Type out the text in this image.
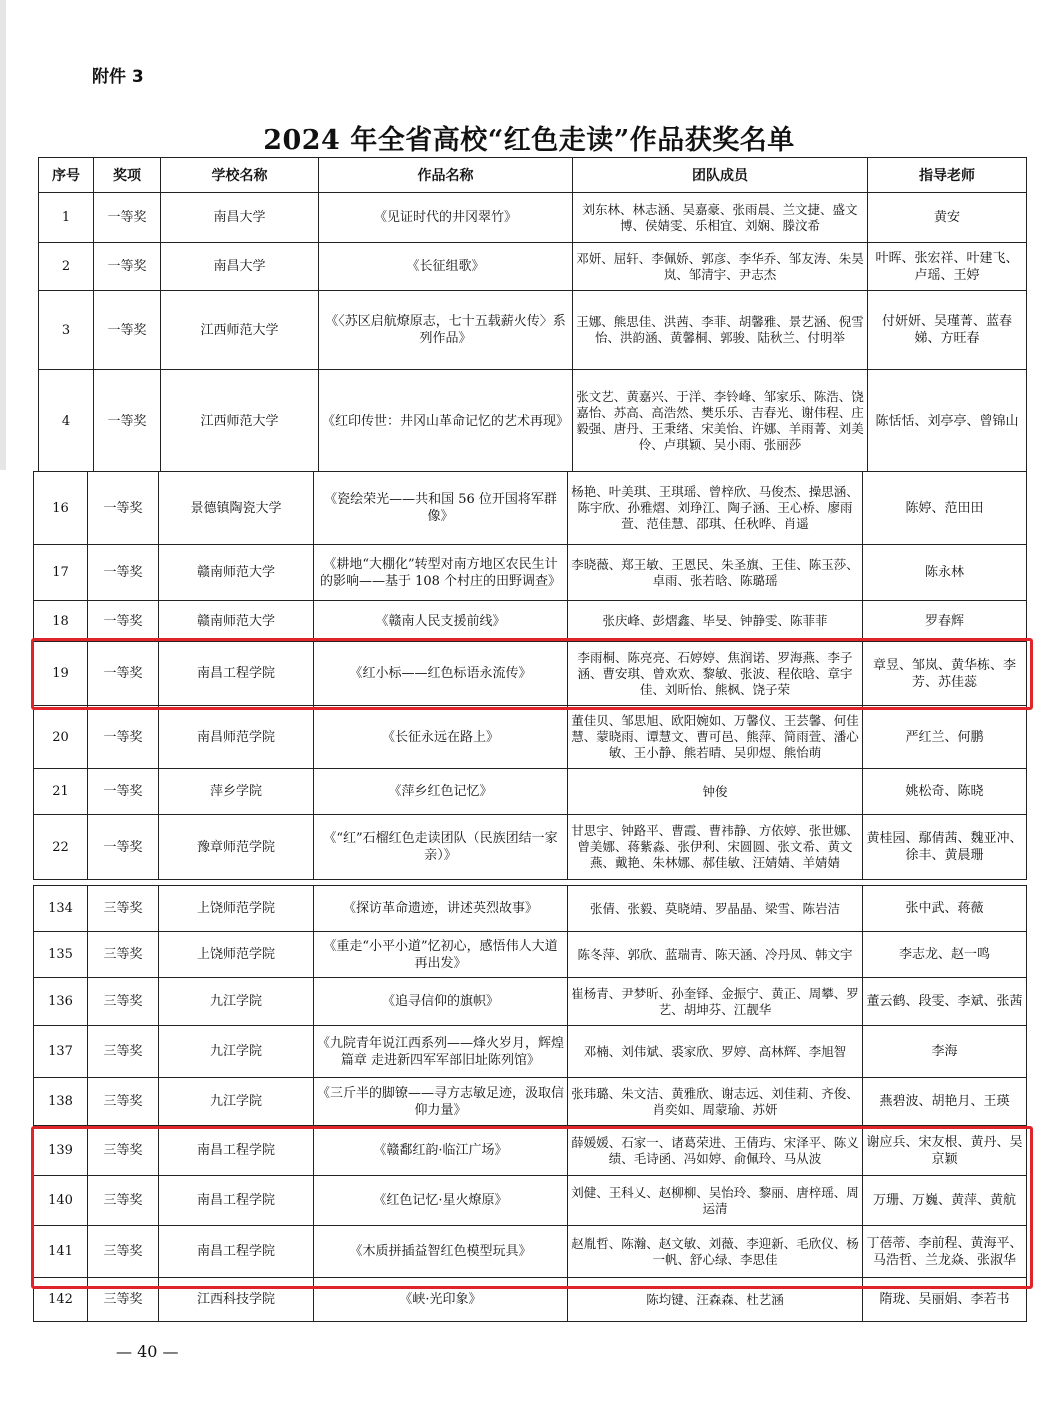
附件 3
2024 年全省高校“红色走读”作品获奖名单
序号	奖项	学校名称	作品名称	团队成员	指导老师
1	一等奖	南昌大学	《见证时代的井冈翠竹》	刘东林、林志涵、吴嘉豪、张雨晨、兰文捷、盛文博、侯婧雯、乐相宜、刘娴、滕汶希	黄安
2	一等奖	南昌大学	《长征组歌》	邓妍、屈轩、李佩娇、郭彦、李华乔、邹友涛、朱昊岚、邹清宇、尹志杰	叶晖、张宏祥、叶建飞、卢瑶、王婷
3	一等奖	江西师范大学	《〈苏区启航燎原志，七十五载薪火传〉系列作品》	王娜、熊思佳、洪茜、李菲、胡馨雅、景艺涵、倪雪怡、洪韵涵、黄馨桐、郭骏、陆秋兰、付明举	付妍妍、吴瑾菁、蓝春娣、方旺春
4	一等奖	江西师范大学	《红印传世：井冈山革命记忆的艺术再现》	张文艺、黄嘉兴、于洋、李铃峰、邹家乐、陈浩、饶嘉怡、苏高、高浩然、樊乐乐、吉春光、谢伟程、庄毅强、唐丹、王秉绪、宋美怡、许娜、羊雨菁、刘美伶、卢琪颖、吴小雨、张丽莎	陈恬恬、刘亭亭、曾锦山
16	一等奖	景德镇陶瓷大学	《瓷绘荣光——共和国 56 位开国将军群像》	杨艳、叶美琪、王琪瑶、曾梓欣、马俊杰、操思涵、陈宇欣、孙雅熠、刘琤江、陶子涵、王心桥、廖雨萱、范佳慧、邵琪、任秋晔、肖遥	陈婷、范田田
17	一等奖	赣南师范大学	《耕地“大棚化”转型对南方地区农民生计的影响——基于 108 个村庄的田野调查》	李晓薇、郑王敏、王恩民、朱圣旗、王佳、陈玉莎、卓雨、张若晗、陈璐瑶	陈永林
18	一等奖	赣南师范大学	《赣南人民支援前线》	张庆峰、彭熠鑫、毕旻、钟静雯、陈菲菲	罗春辉
19	一等奖	南昌工程学院	《红小标——红色标语永流传》	李雨桐、陈亮亮、石婷婷、焦润诺、罗海燕、李子涵、曹安琪、曾欢欢、黎敏、张波、程依晗、章宇佳、刘昕怡、熊枫、饶子荣	章昱、邹岚、黄华栋、李芳、苏佳蕊
20	一等奖	南昌师范学院	《长征永远在路上》	董佳贝、邹思旭、欧阳婉如、万馨仪、王芸馨、何佳慧、蒙晓雨、谭慧文、曹可邑、熊萍、简雨萱、潘心敏、王小静、熊若晴、吴卯煜、熊怡萌	严红兰、何鹏
21	一等奖	萍乡学院	《萍乡红色记忆》	钟俊	姚松奇、陈晓
22	一等奖	豫章师范学院	《“红”石榴红色走读团队（民族团结一家亲）》	甘思宇、钟路平、曹霞、曹祎静、方依婷、张世娜、曾美娜、蒋紫淼、张伊利、宋圆圆、张文希、黄文燕、戴艳、朱林娜、郝佳敏、汪婧婧、羊婧婧	黄桂园、鄢倩茜、魏亚冲、徐丰、黄晨珊
134	三等奖	上饶师范学院	《探访革命遗迹，讲述英烈故事》	张倩、张毅、莫晓靖、罗晶晶、梁雪、陈岩洁	张中武、蒋薇
135	三等奖	上饶师范学院	《重走“小平小道”忆初心，感悟伟人大道再出发》	陈冬萍、郭欣、蓝瑞青、陈天涵、冷丹凤、韩文宇	李志龙、赵一鸣
136	三等奖	九江学院	《追寻信仰的旗帜》	崔杨青、尹梦昕、孙奎铎、金振宁、黄正、周攀、罗艺、胡坤芬、江靓华	董云鹤、段雯、李斌、张茜
137	三等奖	九江学院	《九院青年说江西系列——烽火岁月，辉煌篇章 走进新四军军部旧址陈列馆》	邓楠、刘伟斌、裘家欣、罗婷、高林辉、李旭智	李海
138	三等奖	九江学院	《三斤半的脚镣——寻方志敏足迹，汲取信仰力量》	张玮璐、朱文洁、黄雅欣、谢志远、刘佳莉、齐俊、肖奕如、周蒙瑜、苏妍	燕碧波、胡艳月、王瑛
139	三等奖	南昌工程学院	《赣鄱红韵·临江广场》	薛媛媛、石家一、诸葛荣进、王倩玙、宋泽平、陈义绩、毛诗函、冯如婷、俞佩玲、马从波	谢应兵、宋友根、黄丹、吴京颖
140	三等奖	南昌工程学院	《红色记忆·星火燎原》	刘健、王科乂、赵柳柳、吴怡玲、黎丽、唐梓瑶、周运清	万珊、万巍、黄萍、黄航
141	三等奖	南昌工程学院	《木质拼插益智红色模型玩具》	赵胤哲、陈瀚、赵文敏、刘薇、李迎新、毛欣仪、杨一帆、舒心绿、李思佳	丁蓓蒂、李前程、黄海平、马浩哲、兰龙焱、张淑华
142	三等奖	江西科技学院	《峡·光印象》	陈均键、汪森森、杜艺涵	隋珑、吴丽娟、李若书
— 40 —
